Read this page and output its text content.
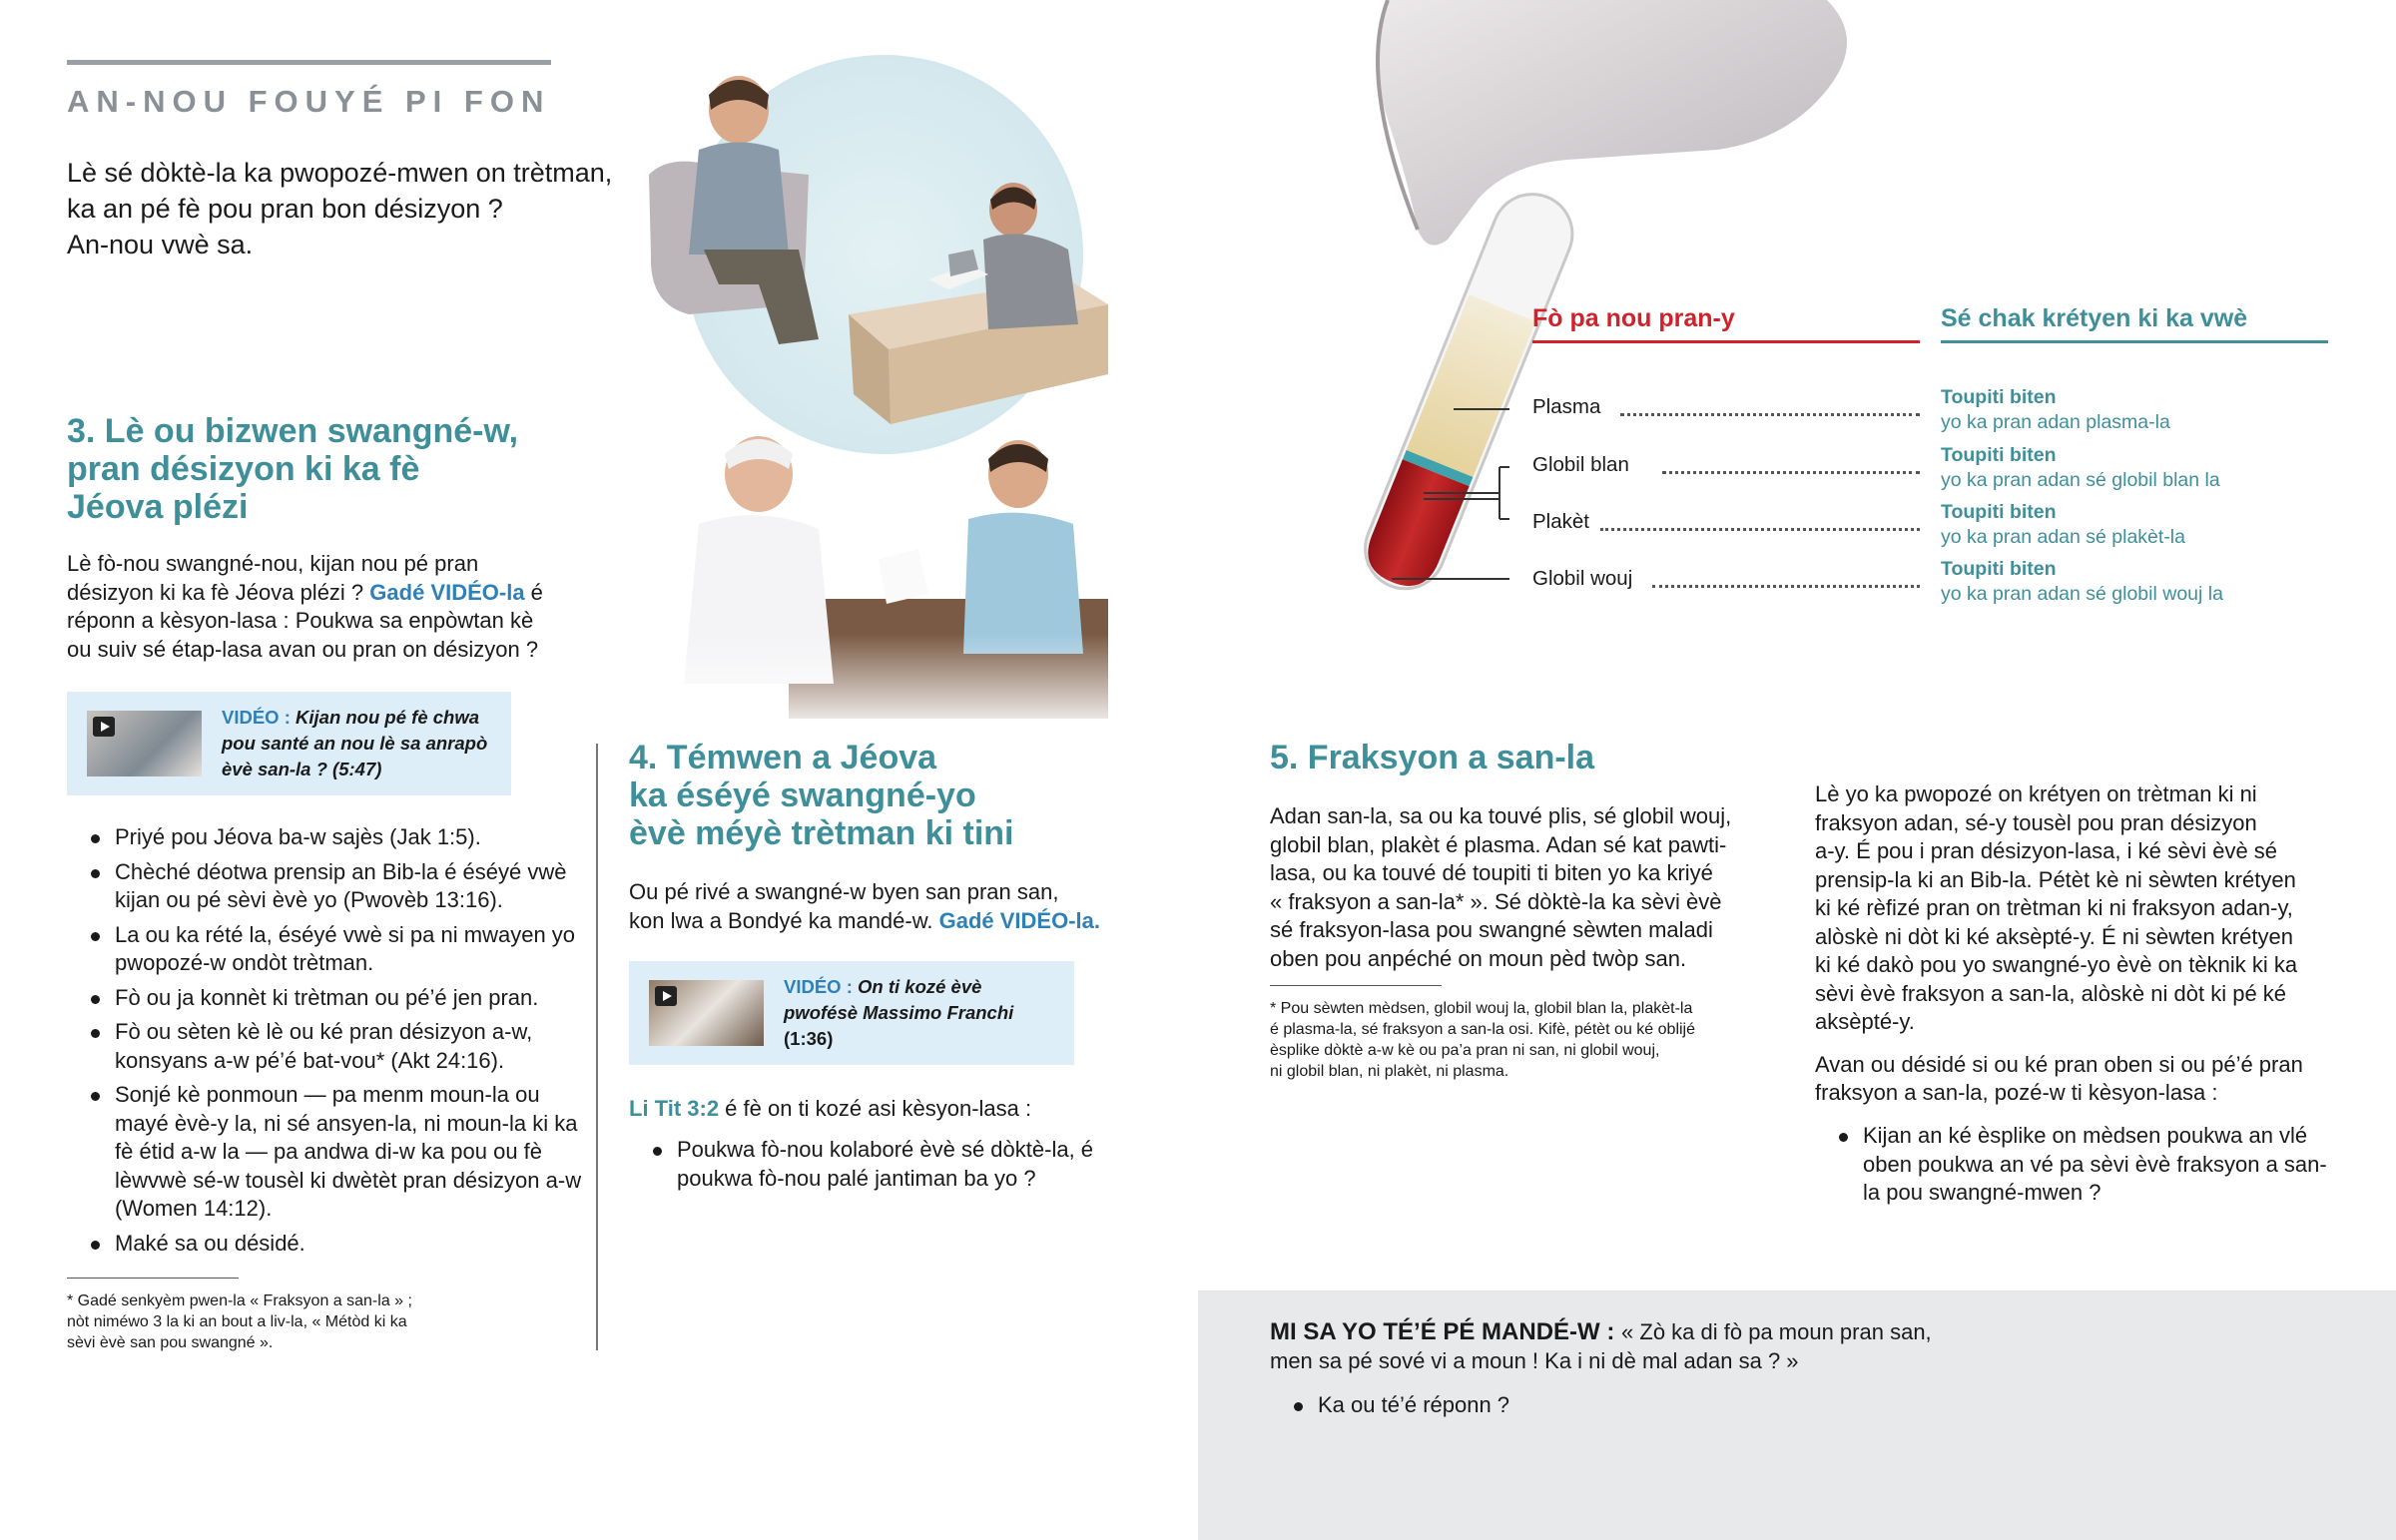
AN-NOU FOUYÉ PI FON
Lè sé dòktè-la ka pwopozé-mwen on trètman,
ka an pé fè pou pran bon désizyon ?
An-nou vwè sa.
3. Lè ou bizwen swangné-w,
pran désizyon ki ka fè
Jéova plézi
Lè fò-nou swangné-nou, kijan nou pé pran
désizyon ki ka fè Jéova plézi ? Gadé VIDÉO-la é
réponn a kèsyon-lasa : Poukwa sa enpòwtan kè
ou suiv sé étap-lasa avan ou pran on désizyon ?
VIDÉO : Kijan nou pé fè chwa
pou santé an nou lè sa anrapò
èvè san-la ? (5:47)
Priyé pou Jéova ba-w sajès (Jak 1:5).
Chèché déotwa prensip an Bib-la é éséyé vwè kijan ou pé sèvi èvè yo (Pwovèb 13:16).
La ou ka rété la, éséyé vwè si pa ni mwayen yo pwopozé-w ondòt trètman.
Fò ou ja konnèt ki trètman ou pé’é jen pran.
Fò ou sèten kè lè ou ké pran désizyon a-w, konsyans a-w pé’é bat-vou* (Akt 24:16).
Sonjé kè ponmoun — pa menm moun-la ou mayé èvè-y la, ni sé ansyen-la, ni moun-la ki ka fè étid a-w la — pa andwa di-w ka pou ou fè lèwvwè sé-w tousèl ki dwètèt pran désizyon a-w (Women 14:12).
Maké sa ou désidé.
* Gadé senkyèm pwen-la « Fraksyon a san-la » ;
nòt niméwo 3 la ki an bout a liv-la, « Métòd ki ka
sèvi èvè san pou swangné ».
4. Témwen a Jéova
ka éséyé swangné-yo
èvè méyè trètman ki tini
Ou pé rivé a swangné-w byen san pran san,
kon lwa a Bondyé ka mandé-w. Gadé VIDÉO-la.
VIDÉO : On ti kozé èvè
pwofésè Massimo Franchi
(1:36)
Li Tit 3:2 é fè on ti kozé asi kèsyon-lasa :
Poukwa fò-nou kolaboré èvè sé dòktè-la, é poukwa fò-nou palé jantiman ba yo ?
Fò pa nou pran-y	Sé chak krétyen ki ka vwè
Plasma	Toupiti biten
yo ka pran adan plasma-la
Globil blan	Toupiti biten
yo ka pran adan sé globil blan la
Plakèt	Toupiti biten
yo ka pran adan sé plakèt-la
Globil wouj	Toupiti biten
yo ka pran adan sé globil wouj la
5. Fraksyon a san-la
Adan san-la, sa ou ka touvé plis, sé globil wouj,
globil blan, plakèt é plasma. Adan sé kat pawti-
lasa, ou ka touvé dé toupiti ti biten yo ka kriyé
« fraksyon a san-la* ». Sé dòktè-la ka sèvi èvè
sé fraksyon-lasa pou swangné sèwten maladi
oben pou anpéché on moun pèd twòp san.
* Pou sèwten mèdsen, globil wouj la, globil blan la, plakèt-la
é plasma-la, sé fraksyon a san-la osi. Kifè, pétèt ou ké oblijé
èsplike dòktè a-w kè ou pa’a pran ni san, ni globil wouj,
ni globil blan, ni plakèt, ni plasma.
Lè yo ka pwopozé on krétyen on trètman ki ni
fraksyon adan, sé-y tousèl pou pran désizyon
a-y. É pou i pran désizyon-lasa, i ké sèvi èvè sé
prensip-la ki an Bib-la. Pétèt kè ni sèwten krétyen
ki ké rèfizé pran on trètman ki ni fraksyon adan-y,
alòskè ni dòt ki ké aksèpté-y. É ni sèwten krétyen
ki ké dakò pou yo swangné-yo èvè on tèknik ki ka
sèvi èvè fraksyon a san-la, alòskè ni dòt ki pé ké
aksèpté-y.
Avan ou désidé si ou ké pran oben si ou pé’é pran
fraksyon a san-la, pozé-w ti kèsyon-lasa :
Kijan an ké èsplike on mèdsen poukwa an vlé oben poukwa an vé pa sèvi èvè fraksyon a san-la pou swangné-mwen ?
MI SA YO TÉ’É PÉ MANDÉ-W : « Zò ka di fò pa moun pran san,
men sa pé sové vi a moun ! Ka i ni dè mal adan sa ? »
Ka ou té’é réponn ?
